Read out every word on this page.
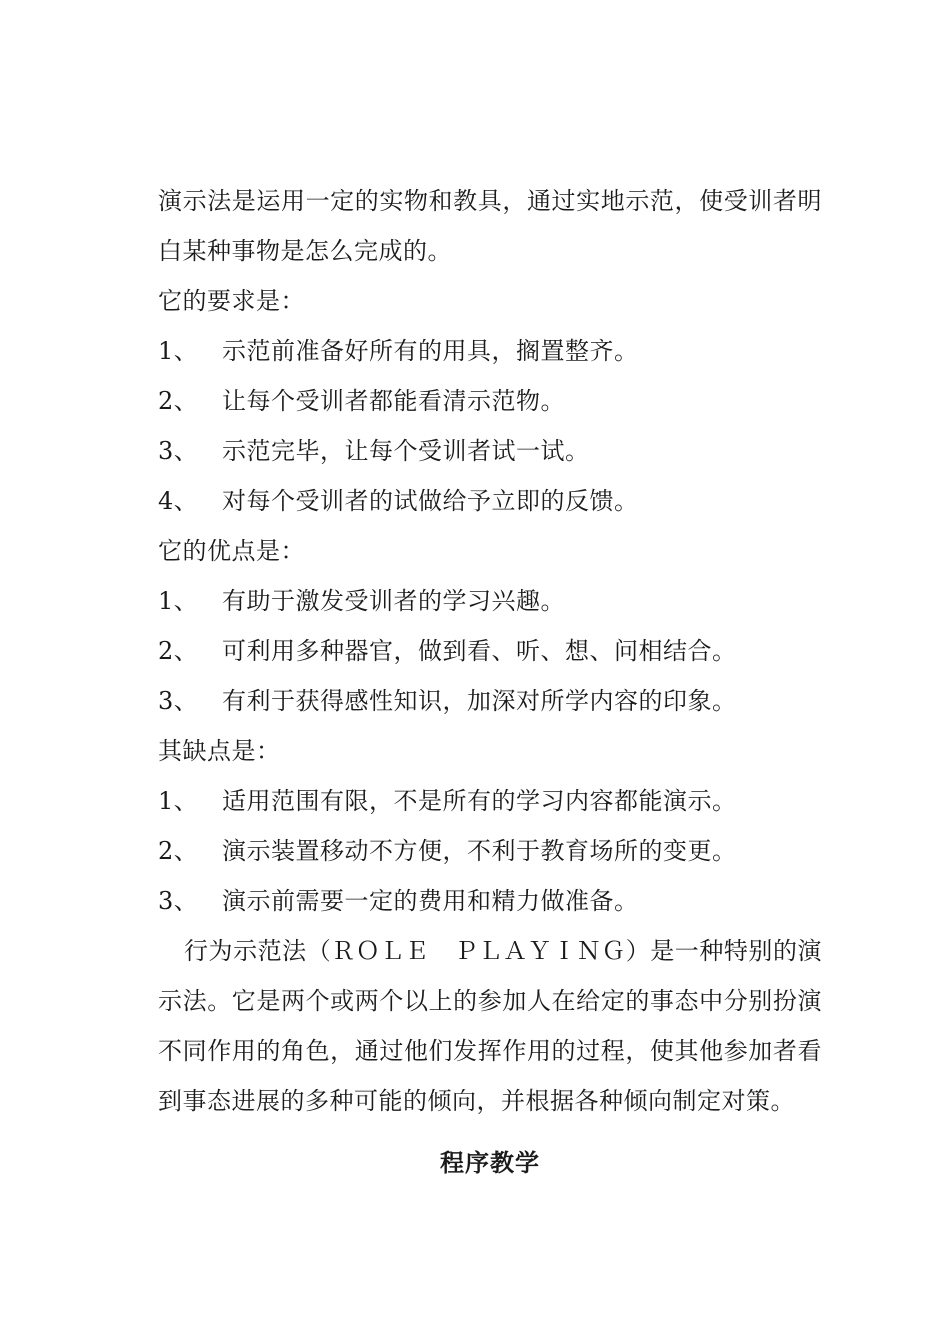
演示法是运用一定的实物和教具，通过实地示范，使受训者明白某种事物是怎么完成的。

它的要求是：

1、 示范前准备好所有的用具，搁置整齐。
2、 让每个受训者都能看清示范物。
3、 示范完毕，让每个受训者试一试。
4、 对每个受训者的试做给予立即的反馈。

它的优点是：

1、 有助于激发受训者的学习兴趣。
2、 可利用多种器官，做到看、听、想、问相结合。
3、 有利于获得感性知识，加深对所学内容的印象。

其缺点是：

1、 适用范围有限，不是所有的学习内容都能演示。
2、 演示装置移动不方便，不利于教育场所的变更。
3、 演示前需要一定的费用和精力做准备。

行为示范法（ＲＯＬＥ　ＰＬＡＹＩＮＧ）是一种特别的演示法。它是两个或两个以上的参加人在给定的事态中分别扮演不同作用的角色，通过他们发挥作用的过程，使其他参加者看到事态进展的多种可能的倾向，并根据各种倾向制定对策。

程序教学
